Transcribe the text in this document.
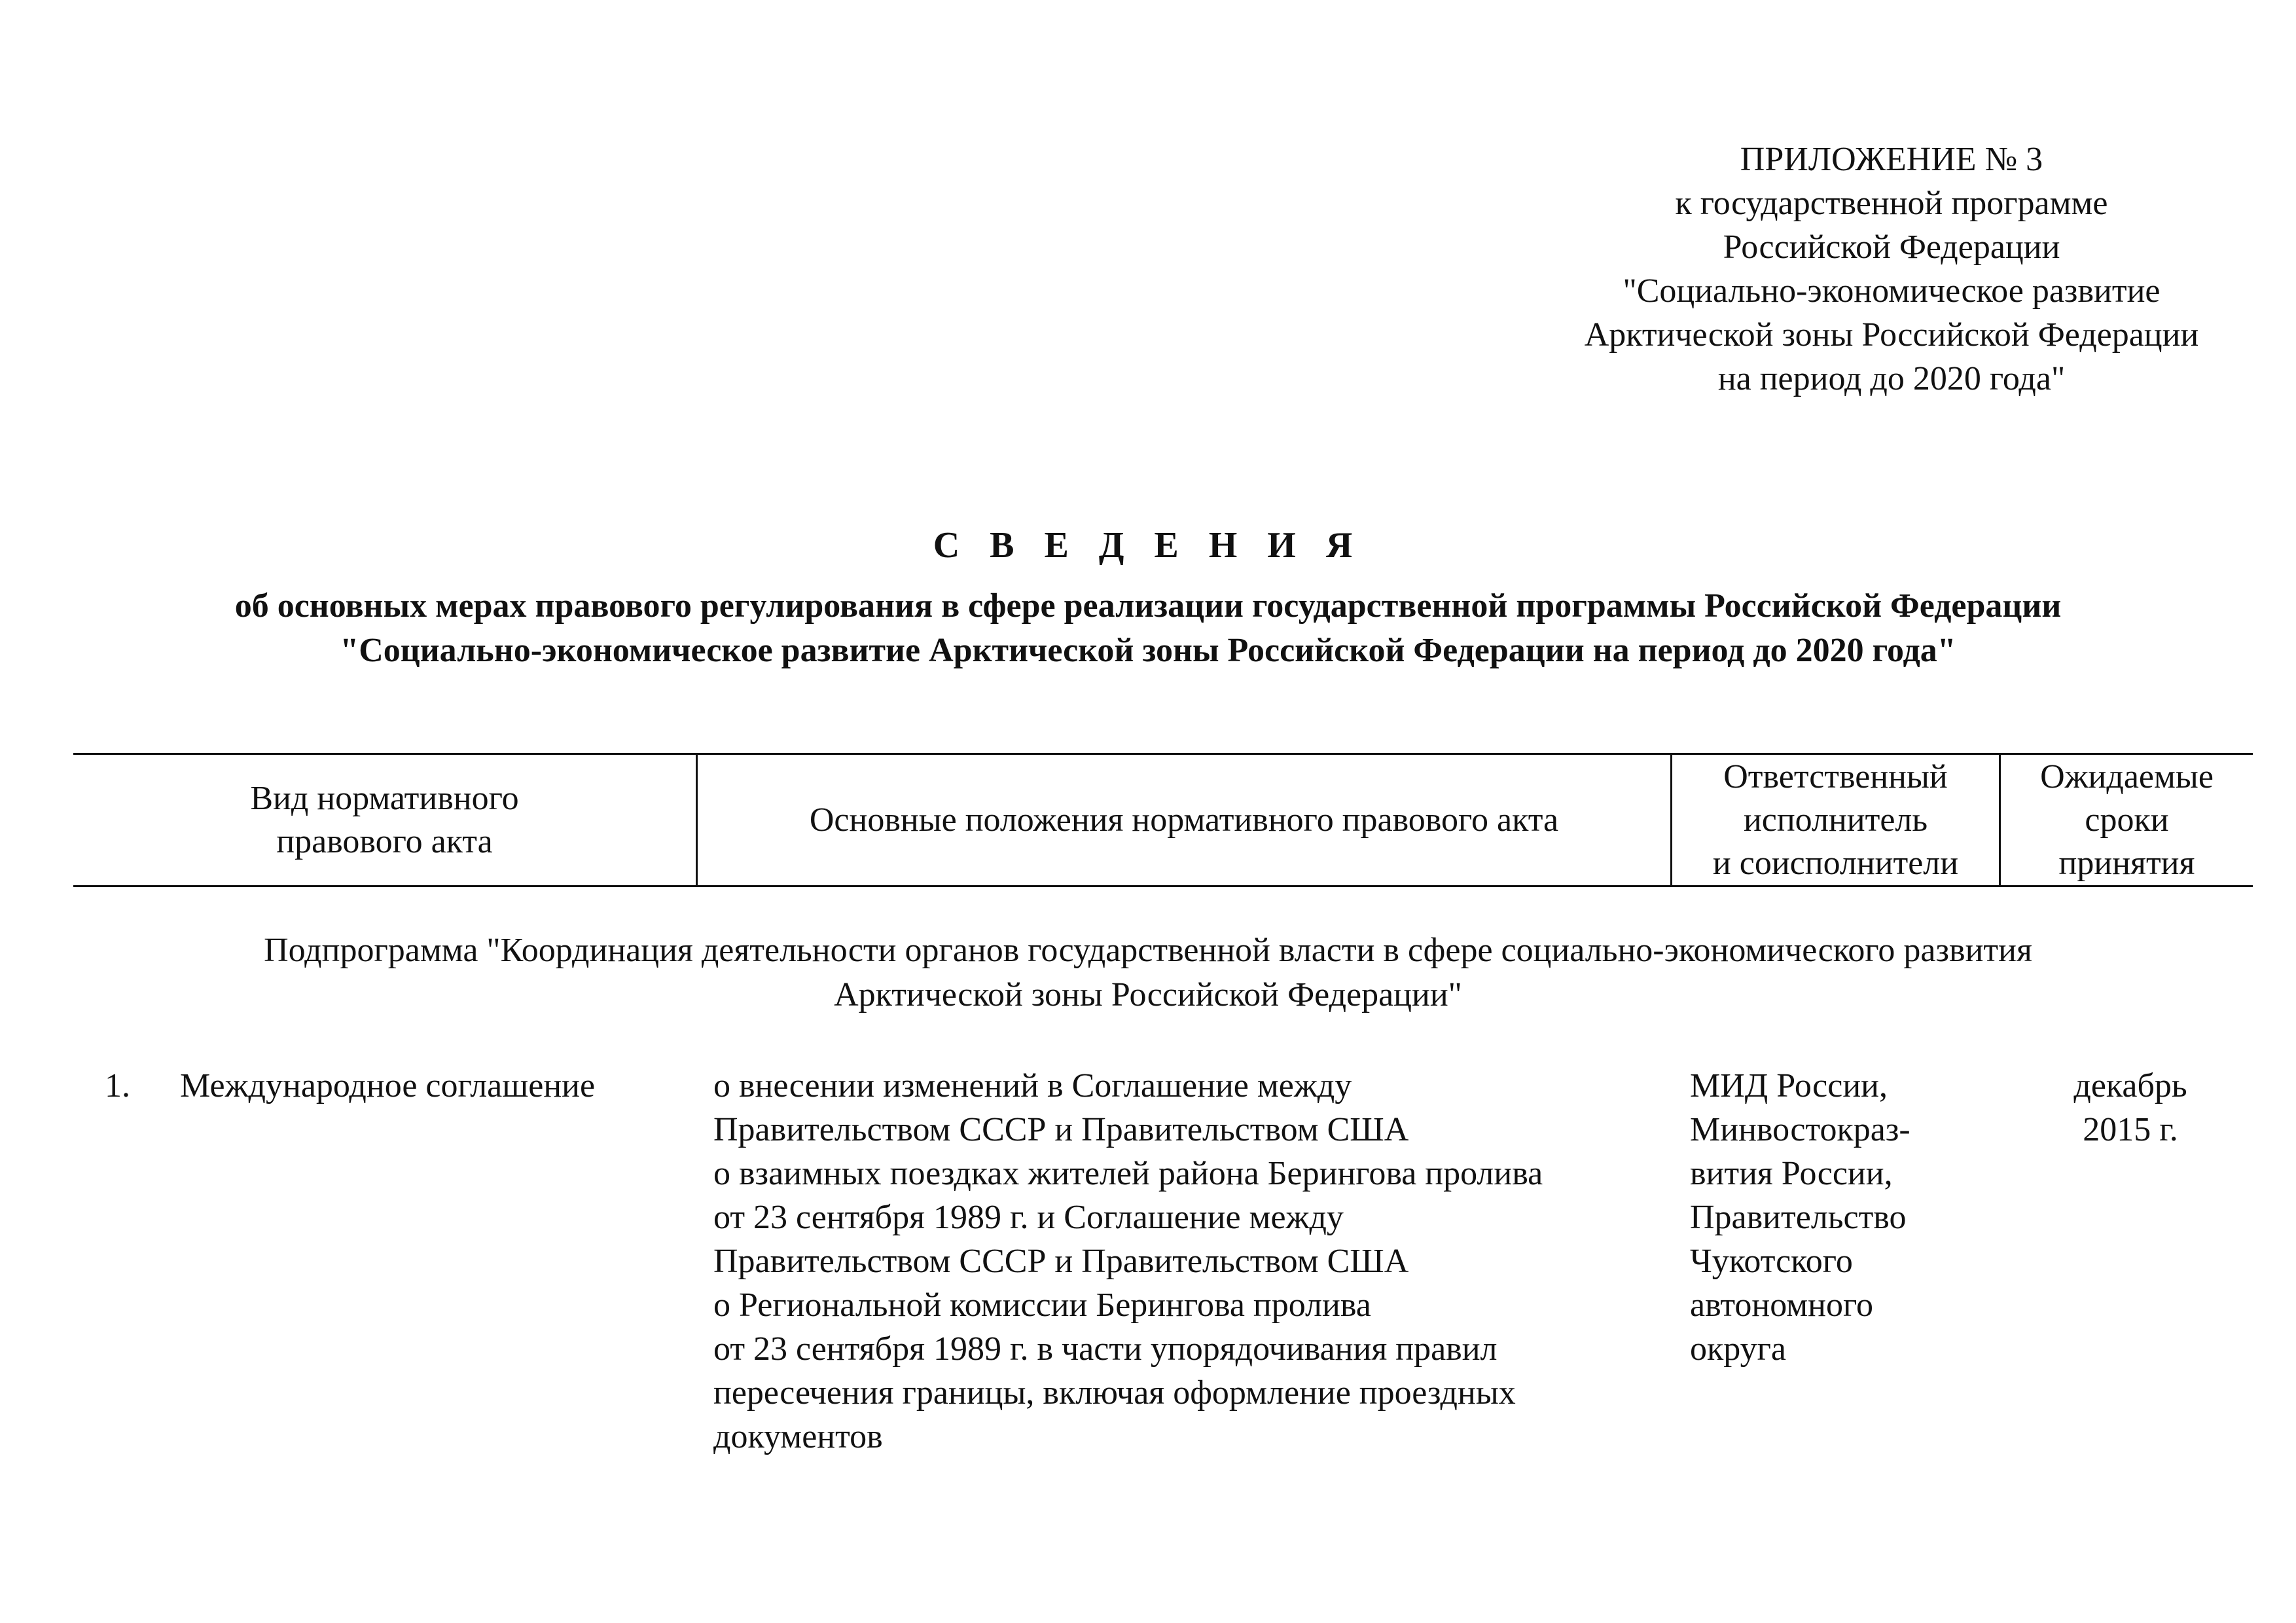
ПРИЛОЖЕНИЕ № 3
к государственной программе
Российской Федерации
"Социально-экономическое развитие
Арктической зоны Российской Федерации
на период до 2020 года"
С В Е Д Е Н И Я
об основных мерах правового регулирования в сфере реализации государственной программы Российской Федерации
"Социально-экономическое развитие Арктической зоны Российской Федерации на период до 2020 года"
Вид нормативного
правового акта
Основные положения нормативного правового акта
Ответственный
исполнитель
и соисполнители
Ожидаемые
сроки
принятия
Подпрограмма "Координация деятельности органов государственной власти в сфере социально-экономического развития
Арктической зоны Российской Федерации"
1. Международное соглашение	о внесении изменений в Соглашение между
Правительством СССР и Правительством США
о взаимных поездках жителей района Берингова пролива
от 23 сентября 1989 г. и Соглашение между
Правительством СССР и Правительством США
о Региональной комиссии Берингова пролива
от 23 сентября 1989 г. в части упорядочивания правил
пересечения границы, включая оформление проездных
документов
МИД России,
Минвостокраз-
вития России,
Правительство
Чукотского
автономного
округа
декабрь
2015 г.
